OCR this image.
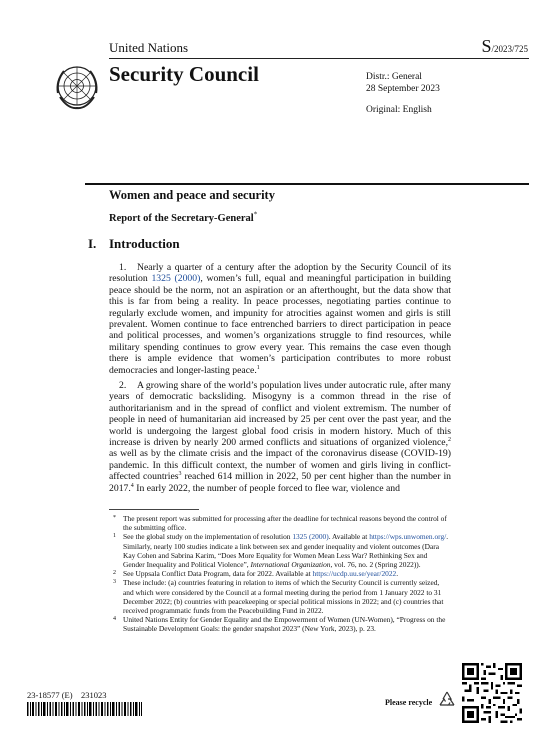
United Nations	S/2023/725
Security Council	Distr.: General
28 September 2023
Original: English
Women and peace and security
Report of the Secretary-General*
I. Introduction
1. Nearly a quarter of a century after the adoption by the Security Council of its resolution 1325 (2000), women’s full, equal and meaningful participation in building peace should be the norm, not an aspiration or an afterthought, but the data show that this is far from being a reality. In peace processes, negotiating parties continue to regularly exclude women, and impunity for atrocities against women and girls is still prevalent. Women continue to face entrenched barriers to direct participation in peace and political processes, and women’s organizations struggle to find resources, while military spending continues to grow every year. This remains the case even though there is ample evidence that women’s participation contributes to more robust democracies and longer-lasting peace.$^1$
2. A growing share of the world’s population lives under autocratic rule, after many years of democratic backsliding. Misogyny is a common thread in the rise of authoritarianism and in the spread of conflict and violent extremism. The number of people in need of humanitarian aid increased by 25 per cent over the past year, and the world is undergoing the largest global food crisis in modern history. Much of this increase is driven by nearly 200 armed conflicts and situations of organized violence,$^2$ as well as by the climate crisis and the impact of the coronavirus disease (COVID-19) pandemic. In this difficult context, the number of women and girls living in conflict-affected countries$^3$ reached 614 million in 2022, 50 per cent higher than the number in 2017.$^4$ In early 2022, the number of people forced to flee war, violence and
* The present report was submitted for processing after the deadline for technical reasons beyond the control of the submitting office.
1 See the global study on the implementation of resolution 1325 (2000). Available at https://wps.unwomen.org/. Similarly, nearly 100 studies indicate a link between sex and gender inequality and violent outcomes (Dara Kay Cohen and Sabrina Karim, “Does More Equality for Women Mean Less War? Rethinking Sex and Gender Inequality and Political Violence”, International Organization, vol. 76, no. 2 (Spring 2022)).
2 See Uppsala Conflict Data Program, data for 2022. Available at https://ucdp.uu.se/year/2022.
3 These include: (a) countries featuring in relation to items of which the Security Council is currently seized, and which were considered by the Council at a formal meeting during the period from 1 January 2022 to 31 December 2022; (b) countries with peacekeeping or special political missions in 2022; and (c) countries that received programmatic funds from the Peacebuilding Fund in 2022.
4 United Nations Entity for Gender Equality and the Empowerment of Women (UN-Women), “Progress on the Sustainable Development Goals: the gender snapshot 2023” (New York, 2023), p. 23.
23-18577 (E)    231023
Please recycle
